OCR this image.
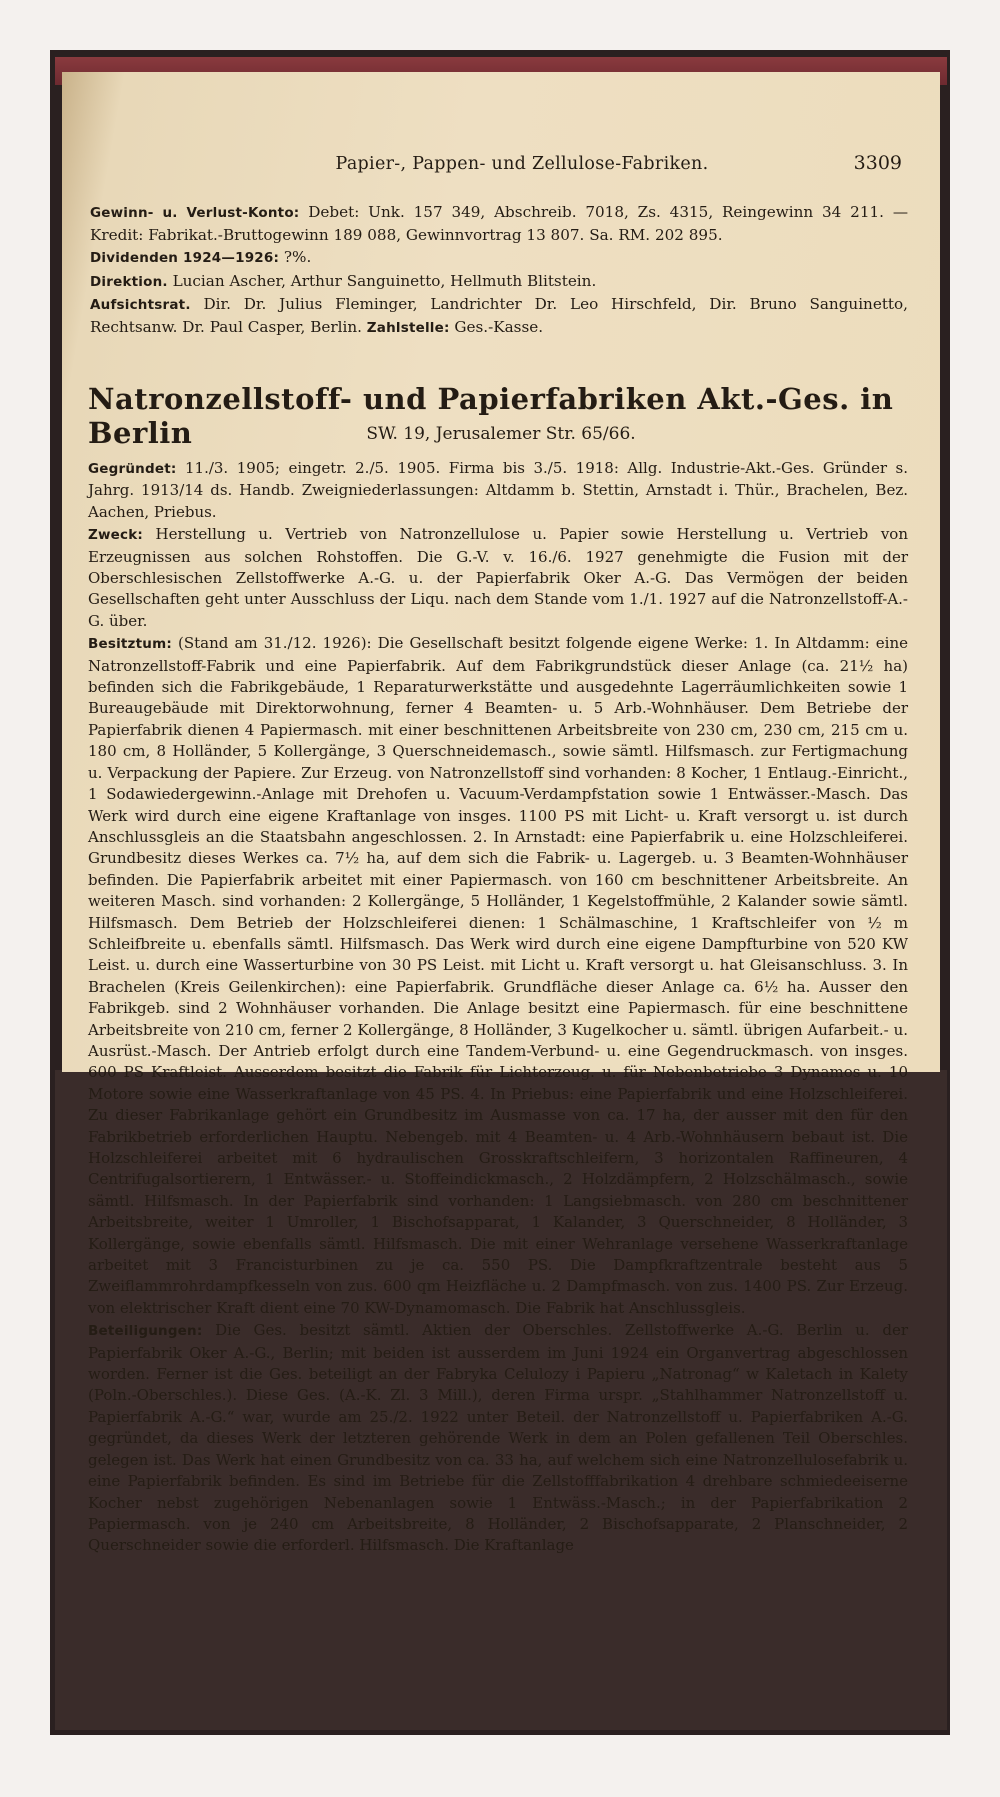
Papier-, Pappen- und Zellulose-Fabriken.	3309

Gewinn- u. Verlust-Konto: Debet: Unk. 157 349, Abschreib. 7018, Zs. 4315, Reingewinn 34 211. — Kredit: Fabrikat.-Bruttogewinn 189 088, Gewinnvortrag 13 807. Sa. RM. 202 895.

Dividenden 1924—1926: ?%.

Direktion. Lucian Ascher, Arthur Sanguinetto, Hellmuth Blitstein.

Aufsichtsrat. Dir. Dr. Julius Fleminger, Landrichter Dr. Leo Hirschfeld, Dir. Bruno Sanguinetto, Rechtsanw. Dr. Paul Casper, Berlin. Zahlstelle: Ges.-Kasse.

Natronzellstoff- und Papierfabriken Akt.-Ges. in Berlin	SW. 19, Jerusalemer Str. 65/66.

Gegründet: 11./3. 1905; eingetr. 2./5. 1905. Firma bis 3./5. 1918: Allg. Industrie-Akt.-Ges. Gründer s. Jahrg. 1913/14 ds. Handb. Zweigniederlassungen: Altdamm b. Stettin, Arnstadt i. Thür., Brachelen, Bez. Aachen, Priebus.

Zweck: Herstellung u. Vertrieb von Natronzellulose u. Papier sowie Herstellung u. Vertrieb von Erzeugnissen aus solchen Rohstoffen. Die G.-V. v. 16./6. 1927 genehmigte die Fusion mit der Oberschlesischen Zellstoffwerke A.-G. u. der Papierfabrik Oker A.-G. Das Vermögen der beiden Gesellschaften geht unter Ausschluss der Liqu. nach dem Stande vom 1./1. 1927 auf die Natronzellstoff-A.-G. über.

Besitztum: (Stand am 31./12. 1926): Die Gesellschaft besitzt folgende eigene Werke: 1. In Altdamm: eine Natronzellstoff-Fabrik und eine Papierfabrik. Auf dem Fabrikgrundstück dieser Anlage (ca. 21½ ha) befinden sich die Fabrikgebäude, 1 Reparaturwerkstätte und ausgedehnte Lagerräumlichkeiten sowie 1 Bureaugebäude mit Direktorwohnung, ferner 4 Beamten- u. 5 Arb.-Wohnhäuser. Dem Betriebe der Papierfabrik dienen 4 Papiermasch. mit einer beschnittenen Arbeitsbreite von 230 cm, 230 cm, 215 cm u. 180 cm, 8 Holländer, 5 Kollergänge, 3 Querschneidemasch., sowie sämtl. Hilfsmasch. zur Fertigmachung u. Verpackung der Papiere. Zur Erzeug. von Natronzellstoff sind vorhanden: 8 Kocher, 1 Entlaug.-Einricht., 1 Sodawiedergewinn.-Anlage mit Drehofen u. Vacuum-Verdampfstation sowie 1 Entwässer.-Masch. Das Werk wird durch eine eigene Kraftanlage von insges. 1100 PS mit Licht- u. Kraft versorgt u. ist durch Anschlussgleis an die Staatsbahn angeschlossen. 2. In Arnstadt: eine Papierfabrik u. eine Holzschleiferei. Grundbesitz dieses Werkes ca. 7½ ha, auf dem sich die Fabrik- u. Lagergeb. u. 3 Beamten-Wohnhäuser befinden. Die Papierfabrik arbeitet mit einer Papiermasch. von 160 cm beschnittener Arbeitsbreite. An weiteren Masch. sind vorhanden: 2 Kollergänge, 5 Holländer, 1 Kegelstoffmühle, 2 Kalander sowie sämtl. Hilfsmasch. Dem Betrieb der Holzschleiferei dienen: 1 Schälmaschine, 1 Kraftschleifer von ½ m Schleifbreite u. ebenfalls sämtl. Hilfsmasch. Das Werk wird durch eine eigene Dampfturbine von 520 KW Leist. u. durch eine Wasserturbine von 30 PS Leist. mit Licht u. Kraft versorgt u. hat Gleisanschluss. 3. In Brachelen (Kreis Geilenkirchen): eine Papierfabrik. Grundfläche dieser Anlage ca. 6½ ha. Ausser den Fabrikgeb. sind 2 Wohnhäuser vorhanden. Die Anlage besitzt eine Papiermasch. für eine beschnittene Arbeitsbreite von 210 cm, ferner 2 Kollergänge, 8 Holländer, 3 Kugelkocher u. sämtl. übrigen Aufarbeit.- u. Ausrüst.-Masch. Der Antrieb erfolgt durch eine Tandem-Verbund- u. eine Gegendruckmasch. von insges. 600 PS Kraftleist. Ausserdem besitzt die Fabrik für Lichterzeug. u. für Nebenbetriebe 3 Dynamos u. 10 Motore sowie eine Wasserkraftanlage von 45 PS. 4. In Priebus: eine Papierfabrik und eine Holzschleiferei. Zu dieser Fabrikanlage gehört ein Grundbesitz im Ausmasse von ca. 17 ha, der ausser mit den für den Fabrikbetrieb erforderlichen Hauptu. Nebengeb. mit 4 Beamten- u. 4 Arb.-Wohnhäusern bebaut ist. Die Holzschleiferei arbeitet mit 6 hydraulischen Grosskraftschleifern, 3 horizontalen Raffineuren, 4 Centrifugalsortierern, 1 Entwässer.- u. Stoffeindickmasch., 2 Holzdämpfern, 2 Holzschälmasch., sowie sämtl. Hilfsmasch. In der Papierfabrik sind vorhanden: 1 Langsiebmasch. von 280 cm beschnittener Arbeitsbreite, weiter 1 Umroller, 1 Bischofsapparat, 1 Kalander, 3 Querschneider, 8 Holländer, 3 Kollergänge, sowie ebenfalls sämtl. Hilfsmasch. Die mit einer Wehranlage versehene Wasserkraftanlage arbeitet mit 3 Francisturbinen zu je ca. 550 PS. Die Dampfkraftzentrale besteht aus 5 Zweiflammrohrdampfkesseln von zus. 600 qm Heizfläche u. 2 Dampfmasch. von zus. 1400 PS. Zur Erzeug. von elektrischer Kraft dient eine 70 KW-Dynamomasch. Die Fabrik hat Anschlussgleis.

Beteiligungen: Die Ges. besitzt sämtl. Aktien der Oberschles. Zellstoffwerke A.-G. Berlin u. der Papierfabrik Oker A.-G., Berlin; mit beiden ist ausserdem im Juni 1924 ein Organvertrag abgeschlossen worden. Ferner ist die Ges. beteiligt an der Fabryka Celulozy i Papieru „Natronag“ w Kaletach in Kalety (Poln.-Oberschles.). Diese Ges. (A.-K. Zl. 3 Mill.), deren Firma urspr. „Stahlhammer Natronzellstoff u. Papierfabrik A.-G.“ war, wurde am 25./2. 1922 unter Beteil. der Natronzellstoff u. Papierfabriken A.-G. gegründet, da dieses Werk der letzteren gehörende Werk in dem an Polen gefallenen Teil Oberschles. gelegen ist. Das Werk hat einen Grundbesitz von ca. 33 ha, auf welchem sich eine Natronzellulosefabrik u. eine Papierfabrik befinden. Es sind im Betriebe für die Zellstofffabrikation 4 drehbare schmiedeeiserne Kocher nebst zugehörigen Nebenanlagen sowie 1 Entwäss.-Masch.; in der Papierfabrikation 2 Papiermasch. von je 240 cm Arbeitsbreite, 8 Holländer, 2 Bischofsapparate, 2 Planschneider, 2 Querschneider sowie die erforderl. Hilfsmasch. Die Kraftanlage
